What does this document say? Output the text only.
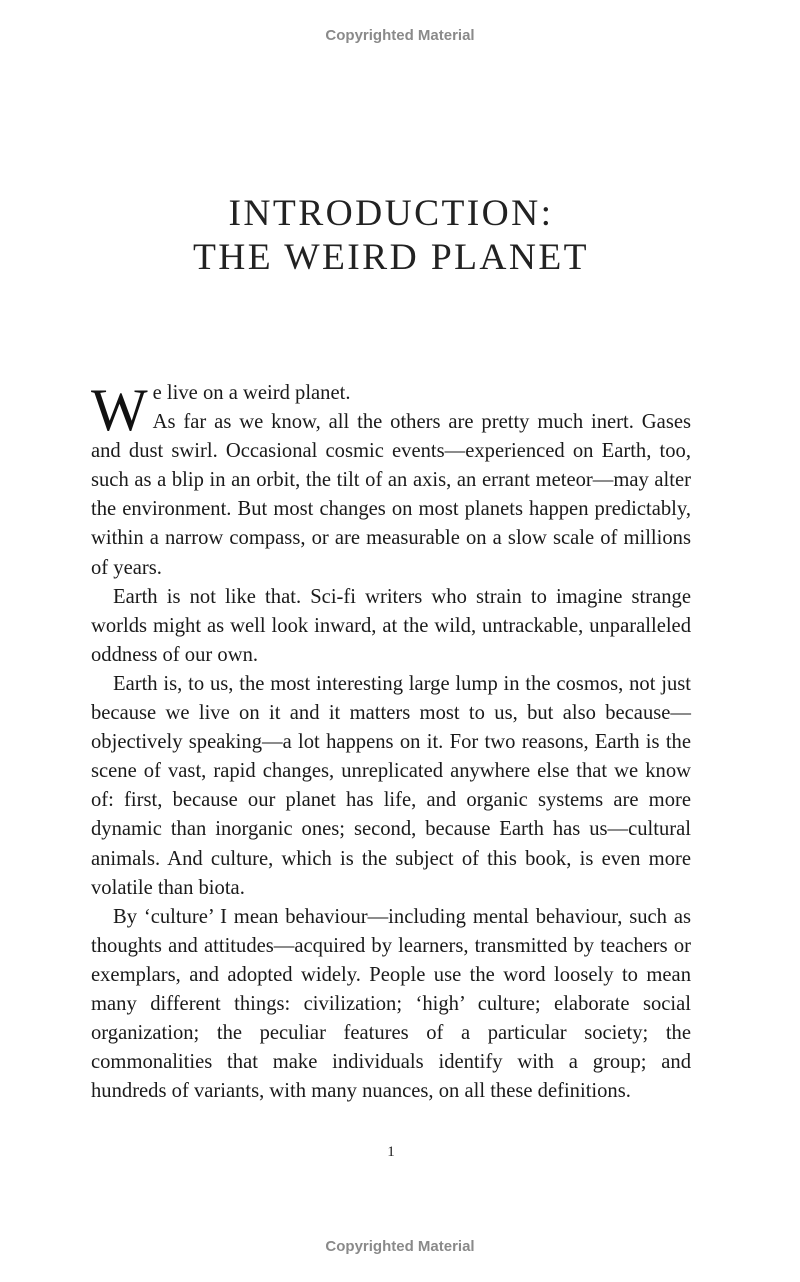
Copyrighted Material
INTRODUCTION:
THE WEIRD PLANET

W e live on a weird planet.

As far as we know, all the others are pretty much inert. Gases and dust swirl. Occasional cosmic events—experienced on Earth, too, such as a blip in an orbit, the tilt of an axis, an errant meteor—may alter the environment. But most changes on most planets happen predictably, within a narrow compass, or are measurable on a slow scale of millions of years.

Earth is not like that. Sci-fi writers who strain to imagine strange worlds might as well look inward, at the wild, untrackable, unparalleled oddness of our own.

Earth is, to us, the most interesting large lump in the cosmos, not just because we live on it and it matters most to us, but also because—objectively speaking—a lot happens on it. For two reasons, Earth is the scene of vast, rapid changes, unreplicated anywhere else that we know of: first, because our planet has life, and organic systems are more dynamic than inorganic ones; second, because Earth has us—cultural animals. And culture, which is the subject of this book, is even more volatile than biota.

By ‘culture’ I mean behaviour—including mental behaviour, such as thoughts and attitudes—acquired by learners, transmitted by teachers or exemplars, and adopted widely. People use the word loosely to mean many different things: civilization; ‘high’ culture; elaborate social organization; the peculiar features of a particular society; the commonalities that make individuals identify with a group; and hundreds of variants, with many nuances, on all these definitions.

1
Copyrighted Material
